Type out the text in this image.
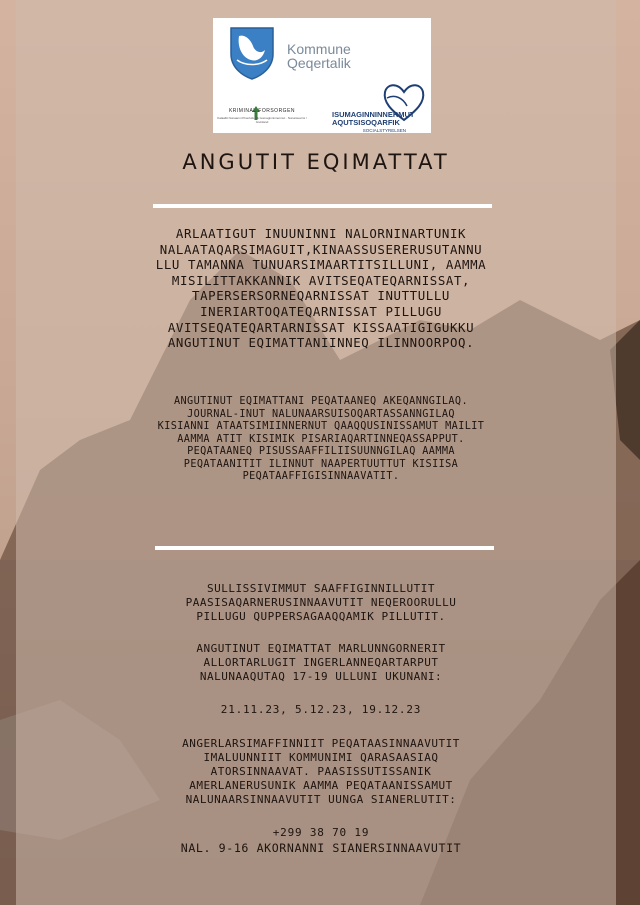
Kommune
Qeqertalik
KRIMINAL FORSORGEN
Kalaallit Nunaanni Pinerluttunik Isumaginninnermut · Nunarsuarmi / Grønland
ISUMAGINNINNERMUT
AQUTSISOQARFIK
SOCIALSTYRELSEN
ANGUTIT EQIMATTAT
ARLAATIGUT INUUNINNI NALORNINARTUNIK
NALAATAQARSIMAGUIT,KINAASSUSERERUSUTANNU
LLU TAMANNA TUNUARSIMAARTITSILLUNI, AAMMA
MISILITTAKKANNIK AVITSEQATEQARNISSAT,
TAPERSERSORNEQARNISSAT INUTTULLU
INERIARTOQATEQARNISSAT PILLUGU
AVITSEQATEQARTARNISSAT KISSAATIGIGUKKU
ANGUTINUT EQIMATTANIINNEQ ILINNOORPOQ.
ANGUTINUT EQIMATTANI PEQATAANEQ AKEQANNGILAQ.
JOURNAL-INUT NALUNAARSUISOQARTASSANNGILAQ
KISIANNI ATAATSIMIINNERNUT QAAQQUSINISSAMUT MAILIT
AAMMA ATIT KISIMIK PISARIAQARTINNEQASSAPPUT.
PEQATAANEQ PISUSSAAFFILIISUUNNGILAQ AAMMA
PEQATAANITIT ILINNUT NAAPERTUUTTUT KISIISA
PEQATAAFFIGISINNAAVATIT.
SULLISSIVIMMUT SAAFFIGINNILLUTIT
PAASISAQARNERUSINNAAVUTIT NEQEROORULLU
PILLUGU QUPPERSAGAAQQAMIK PILLUTIT.
ANGUTINUT EQIMATTAT MARLUNNGORNERIT
ALLORTARLUGIT INGERLANNEQARTARPUT
NALUNAAQUTAQ 17-19 ULLUNI UKUNANI:
21.11.23, 5.12.23, 19.12.23
ANGERLARSIMAFFINNIIT PEQATAASINNAAVUTIT
IMALUUNNIIT KOMMUNIMI QARASAASIAQ
ATORSINNAAVAT. PAASISSUTISSANIK
AMERLANERUSUNIK AAMMA PEQATAANISSAMUT
NALUNAARSINNAAVUTIT UUNGA SIANERLUTIT:
+299 38 70 19
NAL. 9-16 AKORNANNI SIANERSINNAAVUTIT
